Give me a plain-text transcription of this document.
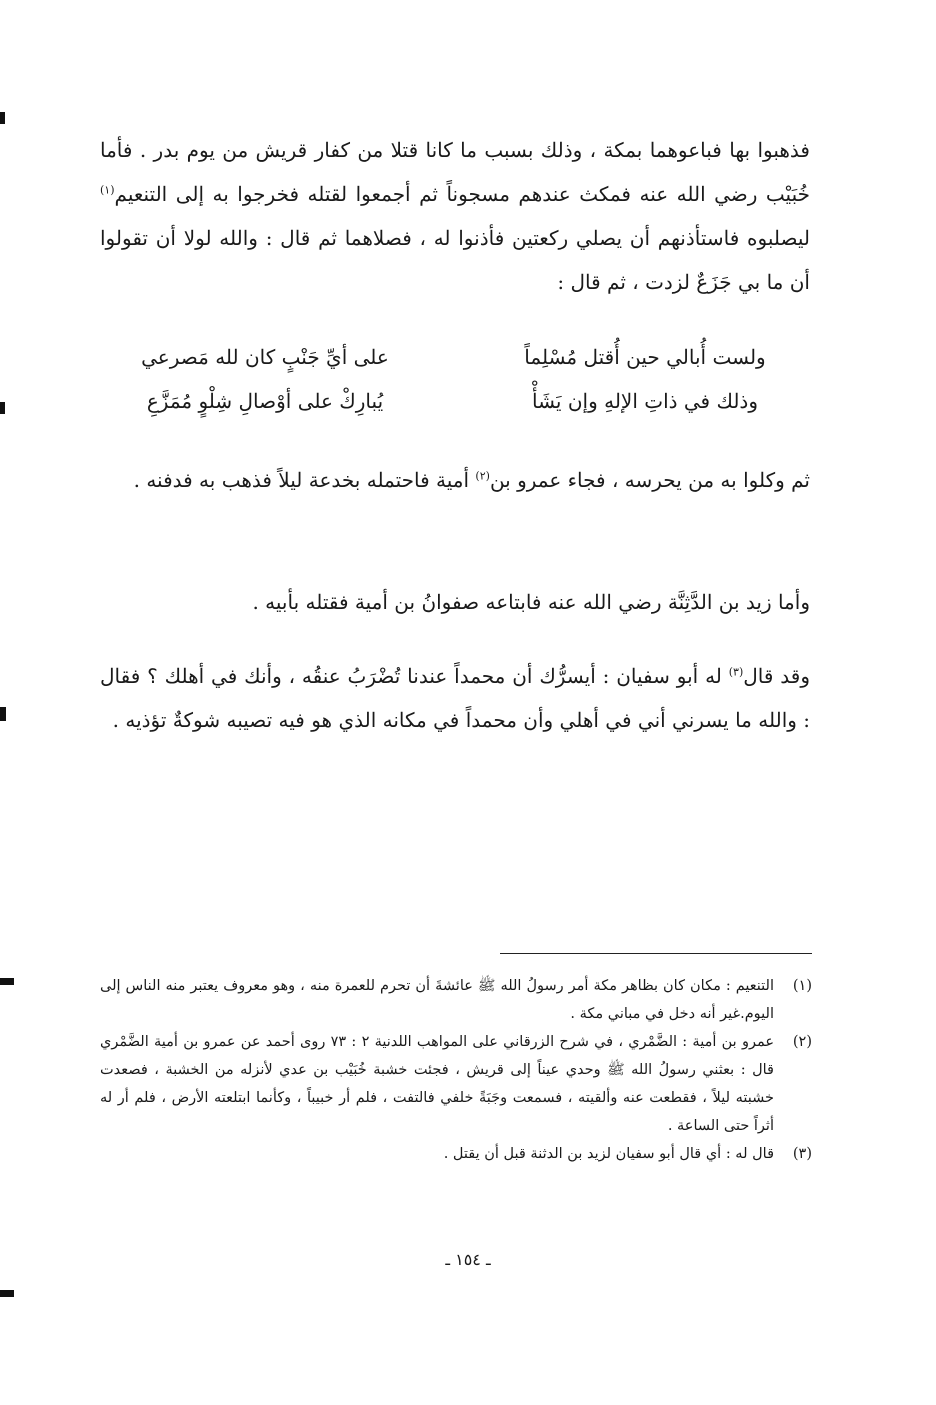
فذهبوا بها فباعوهما بمكة ، وذلك بسبب ما كانا قتلا من كفار قريش من يوم بدر . فأما خُبَيْب رضي الله عنه فمكث عندهم مسجوناً ثم أجمعوا لقتله فخرجوا به إلى التنعيم$^{(١)}$ ليصلبوه فاستأذنهم أن يصلي ركعتين فأذنوا له ، فصلاهما ثم قال : والله لولا أن تقولوا أن ما بي جَزَعٌ لزدت ، ثم قال :
ولست أُبالي حين أُقتل مُسْلِماً
على أيِّ جَنْبٍ كان لله مَصرعي
وذلك في ذاتِ الإلهِ وإن يَشَأْ
يُبارِكْ على أوْصالِ شِلْوٍ مُمَزَّعِ
ثم وكلوا به من يحرسه ، فجاء عمرو بن$^{(٢)}$ أمية فاحتمله بخدعة ليلاً فذهب به فدفنه .
وأما زيد بن الدَّثِنَّة رضي الله عنه فابتاعه صفوانُ بن أمية فقتله بأبيه .
وقد قال$^{(٣)}$ له أبو سفيان : أيسرُّك أن محمداً عندنا تُضْرَبُ عنقُه ، وأنك في أهلك ؟ فقال : والله ما يسرني أني في أهلي وأن محمداً في مكانه الذي هو فيه تصيبه شوكةٌ تؤذيه .
(١)
التنعيم : مكان كان بظاهر مكة أمر رسولُ الله ﷺ عائشةَ أن تحرم للعمرة منه ، وهو معروف يعتبر منه الناس إلى اليوم.غير أنه دخل في مباني مكة .
(٢)
عمرو بن أمية : الضَّمْري ، في شرح الزرقاني على المواهب اللدنية ٢ : ٧٣ روى أحمد عن عمرو بن أمية الضَّمْري قال : بعثني رسولُ الله ﷺ وحدي عيناً إلى قريش ، فجئت خشبة خُبَيْب بن عدي لأنزله من الخشبة ، فصعدت خشبته ليلاً ، فقطعت عنه وألقيته ، فسمعت وجَبَةً خلفي فالتفت ، فلم أر خبيباً ، وكأنما ابتلعته الأرض ، فلم أر له أثراً حتى الساعة .
(٣)
قال له : أي قال أبو سفيان لزيد بن الدثنة قبل أن يقتل .
ـ ١٥٤ ـ
